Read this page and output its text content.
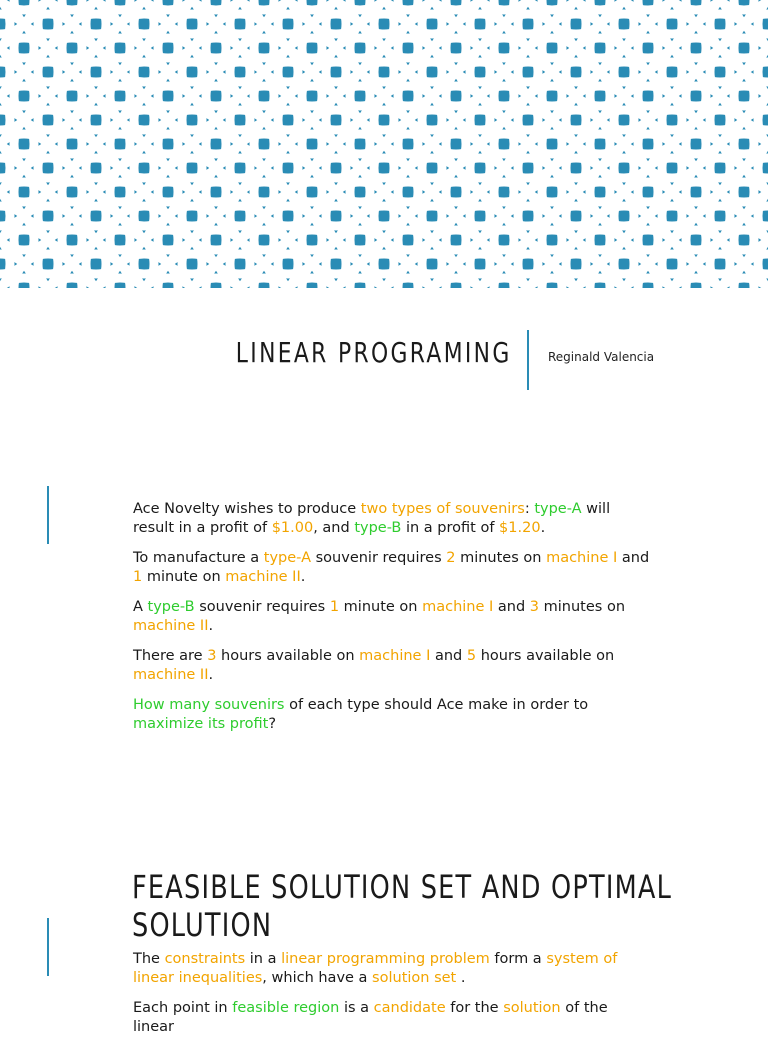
LINEAR PROGRAMING	Reginald Valencia

Ace Novelty wishes to produce two types of souvenirs: type-A will result in a profit of $1.00, and type-B in a profit of $1.20.

To manufacture a type-A souvenir requires 2 minutes on machine I and 1 minute on machine II.

A type-B souvenir requires 1 minute on machine I and 3 minutes on machine II.

There are 3 hours available on machine I and 5 hours available on machine II.

How many souvenirs of each type should Ace make in order to maximize its profit?

FEASIBLE SOLUTION SET AND OPTIMAL SOLUTION

The constraints in a linear programming problem form a system of linear inequalities, which have a solution set .

Each point in feasible region is a candidate for the solution of the linear
